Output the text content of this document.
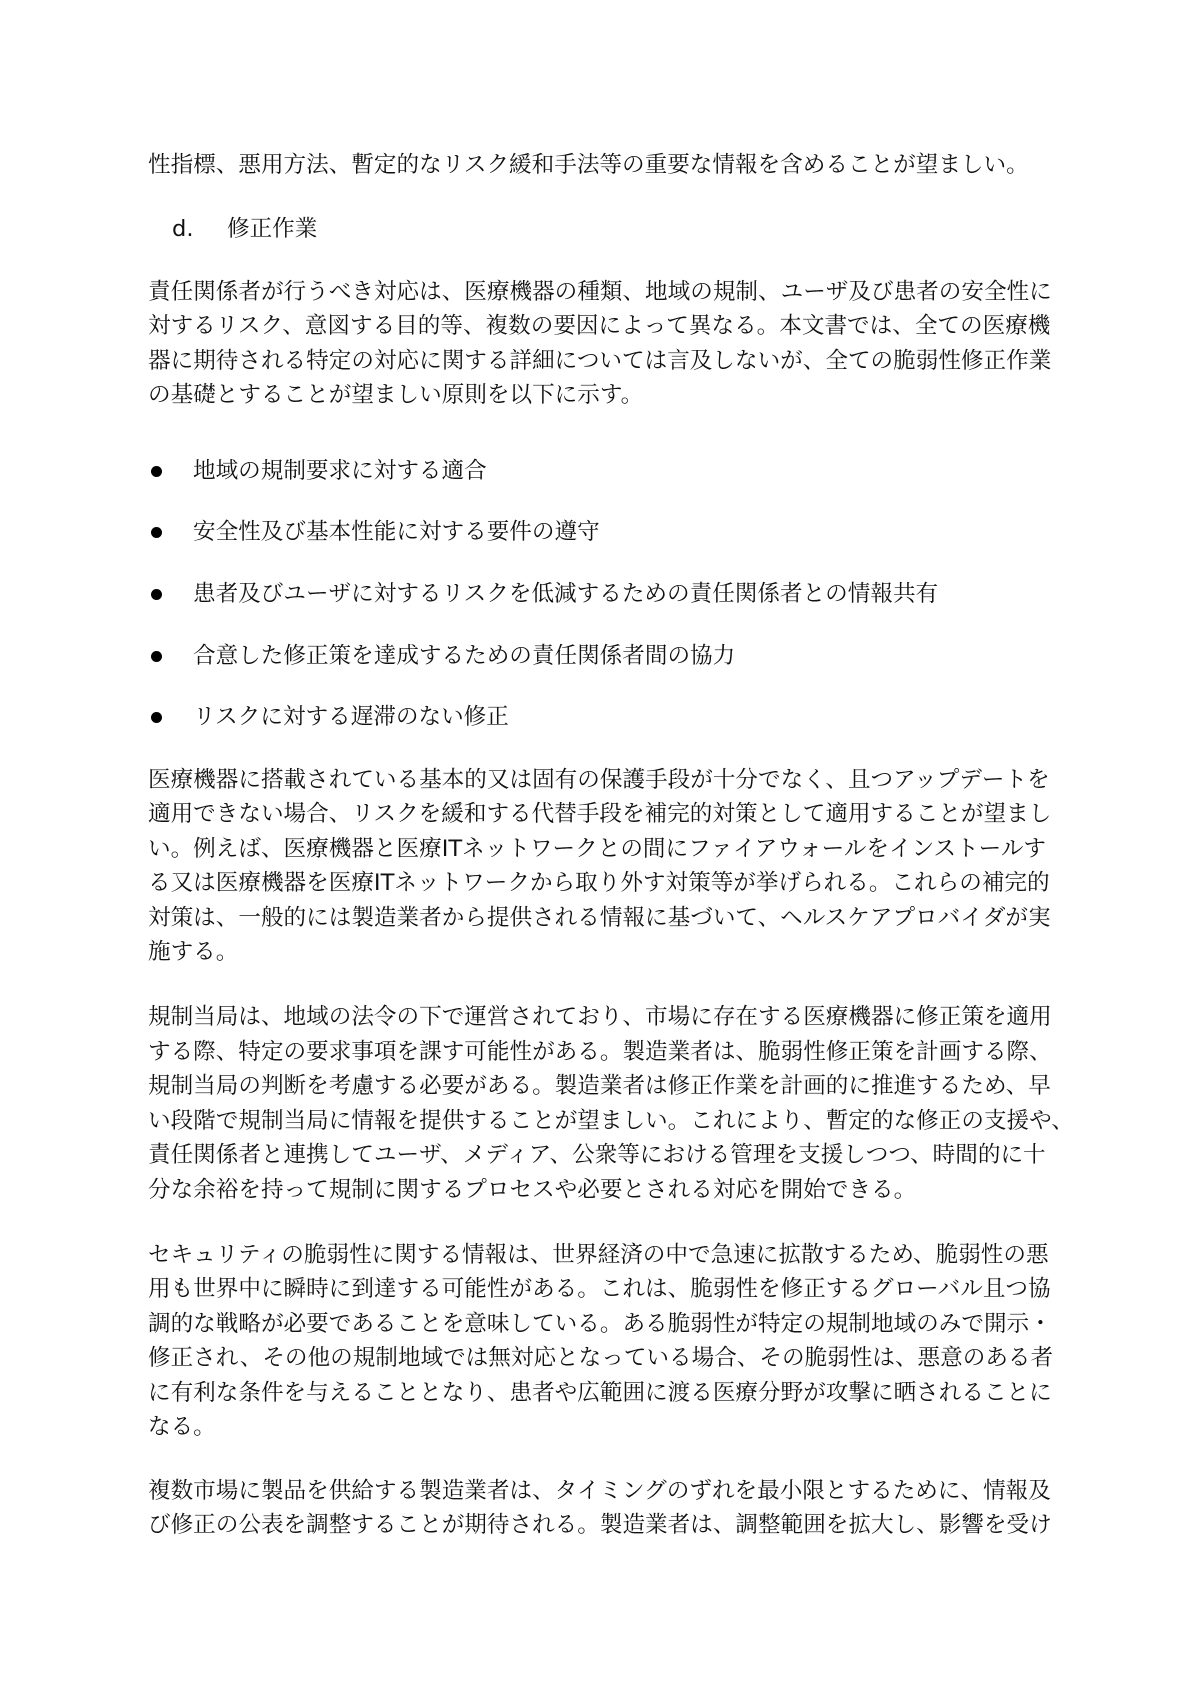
性指標、悪用方法、暫定的なリスク緩和手法等の重要な情報を含めることが望ましい。
d. 修正作業
責任関係者が行うべき対応は、医療機器の種類、地域の規制、ユーザ及び患者の安全性に
対するリスク、意図する目的等、複数の要因によって異なる。本文書では、全ての医療機
器に期待される特定の対応に関する詳細については言及しないが、全ての脆弱性修正作業
の基礎とすることが望ましい原則を以下に示す。
地域の規制要求に対する適合
安全性及び基本性能に対する要件の遵守
患者及びユーザに対するリスクを低減するための責任関係者との情報共有
合意した修正策を達成するための責任関係者間の協力
リスクに対する遅滞のない修正
医療機器に搭載されている基本的又は固有の保護手段が十分でなく、且つアップデートを
適用できない場合、リスクを緩和する代替手段を補完的対策として適用することが望まし
い。例えば、医療機器と医療ITネットワークとの間にファイアウォールをインストールす
る又は医療機器を医療ITネットワークから取り外す対策等が挙げられる。これらの補完的
対策は、一般的には製造業者から提供される情報に基づいて、ヘルスケアプロバイダが実
施する。
規制当局は、地域の法令の下で運営されており、市場に存在する医療機器に修正策を適用
する際、特定の要求事項を課す可能性がある。製造業者は、脆弱性修正策を計画する際、
規制当局の判断を考慮する必要がある。製造業者は修正作業を計画的に推進するため、早
い段階で規制当局に情報を提供することが望ましい。これにより、暫定的な修正の支援や、
責任関係者と連携してユーザ、メディア、公衆等における管理を支援しつつ、時間的に十
分な余裕を持って規制に関するプロセスや必要とされる対応を開始できる。
セキュリティの脆弱性に関する情報は、世界経済の中で急速に拡散するため、脆弱性の悪
用も世界中に瞬時に到達する可能性がある。これは、脆弱性を修正するグローバル且つ協
調的な戦略が必要であることを意味している。ある脆弱性が特定の規制地域のみで開示・
修正され、その他の規制地域では無対応となっている場合、その脆弱性は、悪意のある者
に有利な条件を与えることとなり、患者や広範囲に渡る医療分野が攻撃に晒されることに
なる。
複数市場に製品を供給する製造業者は、タイミングのずれを最小限とするために、情報及
び修正の公表を調整することが期待される。製造業者は、調整範囲を拡大し、影響を受け
